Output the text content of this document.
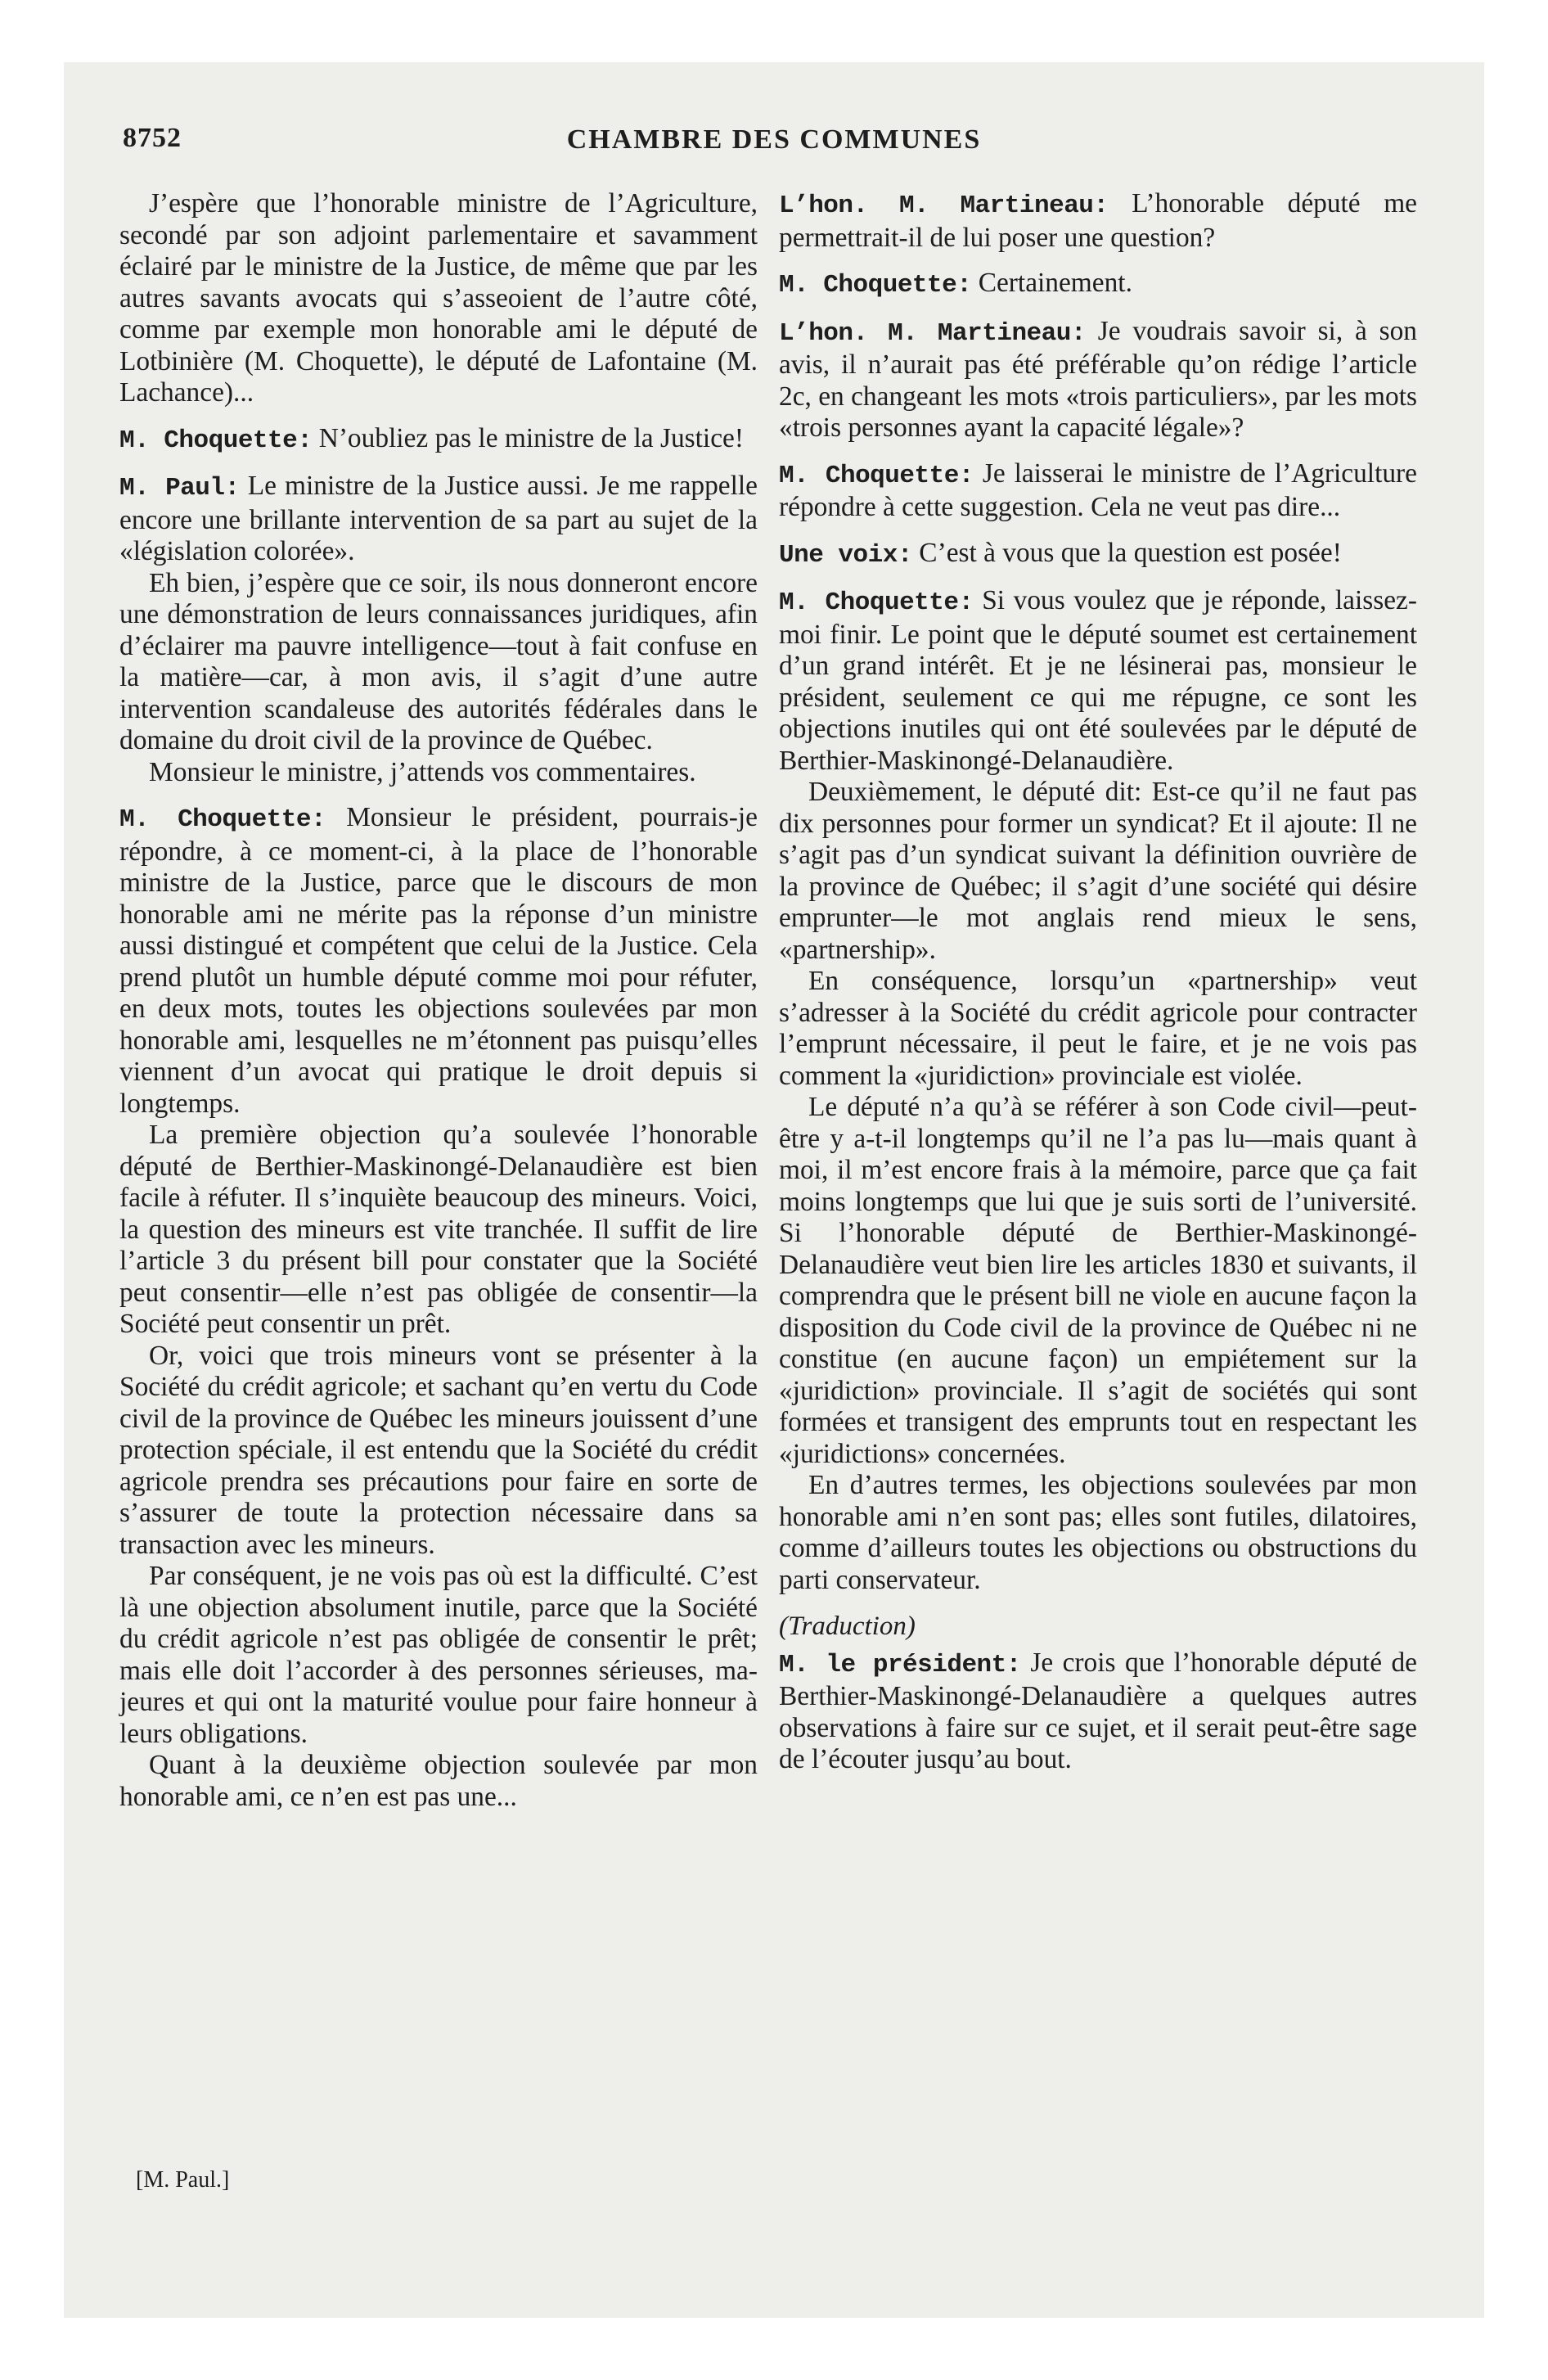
8752	CHAMBRE DES COMMUNES

J’espère que l’honorable ministre de l’Agriculture, secondé par son adjoint parlementaire et savamment éclairé par le ministre de la Justice, de même que par les autres savants avocats qui s’asseoient de l’autre côté, comme par exemple mon honorable ami le député de Lotbinière (M. Choquette), le député de Lafontaine (M. Lachance)...

M. Choquette: N’oubliez pas le ministre de la Justice!

M. Paul: Le ministre de la Justice aussi. Je me rappelle encore une brillante intervention de sa part au sujet de la «législation colorée».

Eh bien, j’espère que ce soir, ils nous donneront encore une démonstration de leurs connaissances juridiques, afin d’éclairer ma pauvre intelligence—tout à fait confuse en la matière—car, à mon avis, il s’agit d’une autre intervention scandaleuse des autorités fédérales dans le domaine du droit civil de la province de Québec.

Monsieur le ministre, j’attends vos commentaires.

M. Choquette: Monsieur le président, pourrais-je répondre, à ce moment-ci, à la place de l’honorable ministre de la Justice, parce que le discours de mon honorable ami ne mérite pas la réponse d’un ministre aussi distingué et compétent que celui de la Justice. Cela prend plutôt un humble député comme moi pour réfuter, en deux mots, toutes les objections soulevées par mon honorable ami, lesquelles ne m’étonnent pas puisqu’elles viennent d’un avocat qui pratique le droit depuis si longtemps.

La première objection qu’a soulevée l’honorable député de Berthier-Maskinongé-Delanaudière est bien facile à réfuter. Il s’inquiète beaucoup des mineurs. Voici, la question des mineurs est vite tranchée. Il suffit de lire l’article 3 du présent bill pour constater que la Société peut consentir—elle n’est pas obligée de consentir—la Société peut consentir un prêt.

Or, voici que trois mineurs vont se présenter à la Société du crédit agricole; et sachant qu’en vertu du Code civil de la province de Québec les mineurs jouissent d’une protection spéciale, il est entendu que la Société du crédit agricole prendra ses précautions pour faire en sorte de s’assurer de toute la protection nécessaire dans sa transaction avec les mineurs.

Par conséquent, je ne vois pas où est la difficulté. C’est là une objection absolument inutile, parce que la Société du crédit agricole n’est pas obligée de consentir le prêt; mais elle doit l’accorder à des personnes sérieuses, majeures et qui ont la maturité voulue pour faire honneur à leurs obligations.

Quant à la deuxième objection soulevée par mon honorable ami, ce n’en est pas une...

L’hon. M. Martineau: L’honorable député me permettrait-il de lui poser une question?

M. Choquette: Certainement.

L’hon. M. Martineau: Je voudrais savoir si, à son avis, il n’aurait pas été préférable qu’on rédige l’article 2c, en changeant les mots «trois particuliers», par les mots «trois personnes ayant la capacité légale»?

M. Choquette: Je laisserai le ministre de l’Agriculture répondre à cette suggestion. Cela ne veut pas dire...

Une voix: C’est à vous que la question est posée!

M. Choquette: Si vous voulez que je réponde, laissez-moi finir. Le point que le député soumet est certainement d’un grand intérêt. Et je ne lésinerai pas, monsieur le président, seulement ce qui me répugne, ce sont les objections inutiles qui ont été soulevées par le député de Berthier-Maskinongé-Delanaudière.

Deuxièmement, le député dit: Est-ce qu’il ne faut pas dix personnes pour former un syndicat? Et il ajoute: Il ne s’agit pas d’un syndicat suivant la définition ouvrière de la province de Québec; il s’agit d’une société qui désire emprunter—le mot anglais rend mieux le sens, «partnership».

En conséquence, lorsqu’un «partnership» veut s’adresser à la Société du crédit agricole pour contracter l’emprunt nécessaire, il peut le faire, et je ne vois pas comment la «juridiction» provinciale est violée.

Le député n’a qu’à se référer à son Code civil—peut-être y a-t-il longtemps qu’il ne l’a pas lu—mais quant à moi, il m’est encore frais à la mémoire, parce que ça fait moins longtemps que lui que je suis sorti de l’université. Si l’honorable député de Berthier-Maskinongé-Delanaudière veut bien lire les articles 1830 et suivants, il comprendra que le présent bill ne viole en aucune façon la disposition du Code civil de la province de Québec ni ne constitue (en aucune façon) un empiétement sur la «juridiction» provinciale. Il s’agit de sociétés qui sont formées et transigent des emprunts tout en respectant les «juridictions» concernées.

En d’autres termes, les objections soulevées par mon honorable ami n’en sont pas; elles sont futiles, dilatoires, comme d’ailleurs toutes les objections ou obstructions du parti conservateur.

(Traduction)

M. le président: Je crois que l’honorable député de Berthier-Maskinongé-Delanaudière a quelques autres observations à faire sur ce sujet, et il serait peut-être sage de l’écouter jusqu’au bout.

[M. Paul.]
